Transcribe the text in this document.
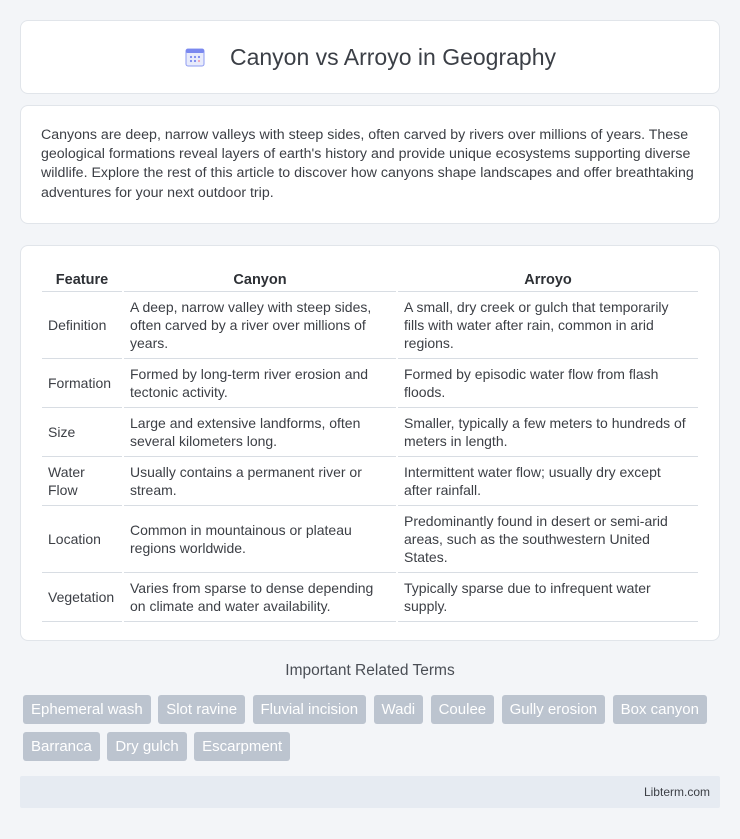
Canyon vs Arroyo in Geography

Canyons are deep, narrow valleys with steep sides, often carved by rivers over millions of years. These geological formations reveal layers of earth's history and provide unique ecosystems supporting diverse wildlife. Explore the rest of this article to discover how canyons shape landscapes and offer breathtaking adventures for your next outdoor trip.

Feature	Canyon	Arroyo
Definition	A deep, narrow valley with steep sides, often carved by a river over millions of years.	A small, dry creek or gulch that temporarily fills with water after rain, common in arid regions.
Formation	Formed by long-term river erosion and tectonic activity.	Formed by episodic water flow from flash floods.
Size	Large and extensive landforms, often several kilometers long.	Smaller, typically a few meters to hundreds of meters in length.
Water Flow	Usually contains a permanent river or stream.	Intermittent water flow; usually dry except after rainfall.
Location	Common in mountainous or plateau regions worldwide.	Predominantly found in desert or semi-arid areas, such as the southwestern United States.
Vegetation	Varies from sparse to dense depending on climate and water availability.	Typically sparse due to infrequent water supply.
Important Related Terms
Ephemeral wash Slot ravine Fluvial incision Wadi Coulee Gully erosion Box canyon Barranca Dry gulch Escarpment
Libterm.com
